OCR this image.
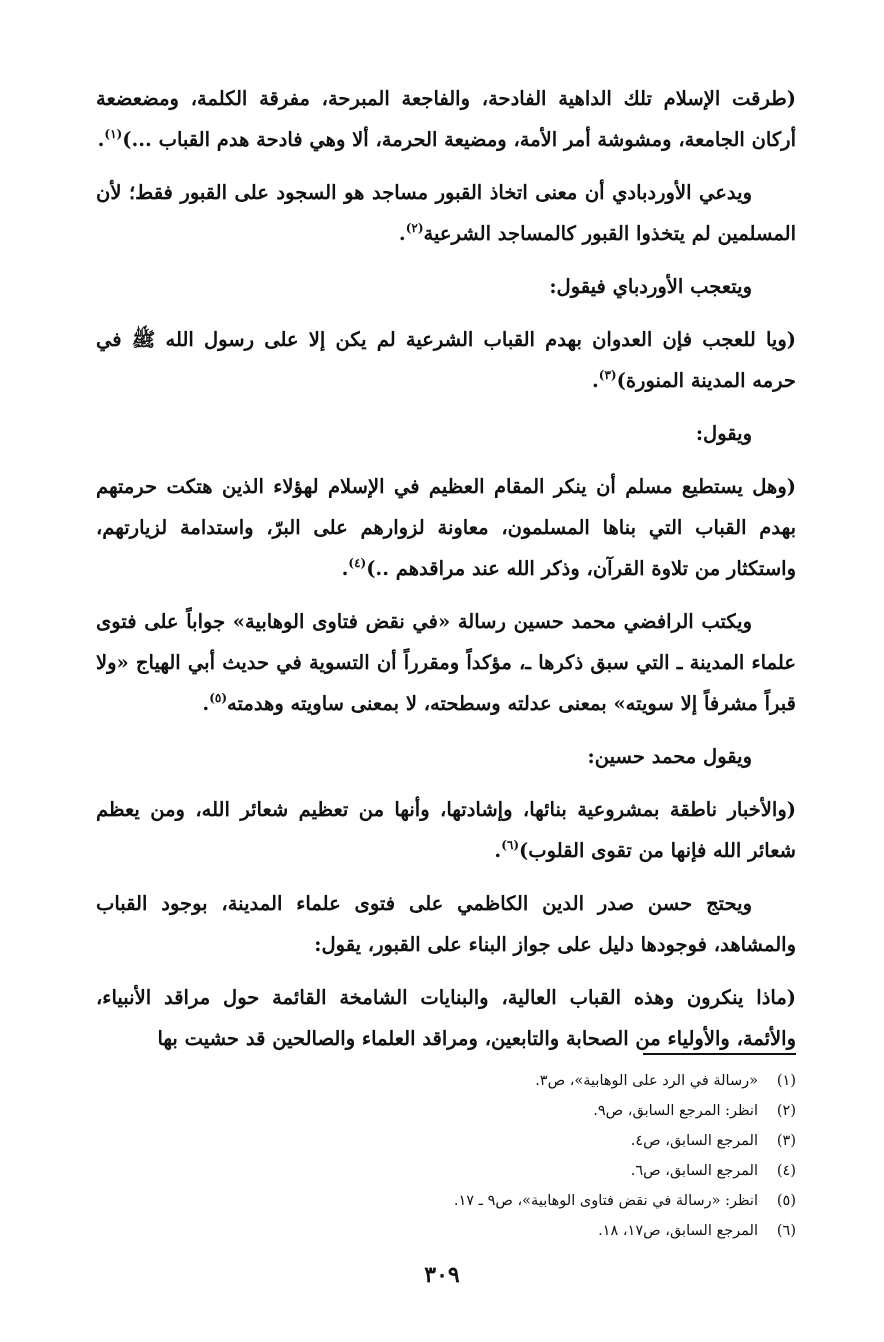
(طرقت الإسلام تلك الداهية الفادحة، والفاجعة المبرحة، مفرقة الكلمة، ومضعضعة أركان الجامعة، ومشوشة أمر الأمة، ومضيعة الحرمة، ألا وهي فادحة هدم القباب ...)$^{(١)}$.

ويدعي الأوردبادي أن معنى اتخاذ القبور مساجد هو السجود على القبور فقط؛ لأن المسلمين لم يتخذوا القبور كالمساجد الشرعية$^{(٢)}$.

ويتعجب الأوردباي فيقول:

(ويا للعجب فإن العدوان بهدم القباب الشرعية لم يكن إلا على رسول الله ﷺ في حرمه المدينة المنورة)$^{(٣)}$.

ويقول:

(وهل يستطيع مسلم أن ينكر المقام العظيم في الإسلام لهؤلاء الذين هتكت حرمتهم بهدم القباب التي بناها المسلمون، معاونة لزوارهم على البرّ، واستدامة لزيارتهم، واستكثار من تلاوة القرآن، وذكر الله عند مراقدهم ..)$^{(٤)}$.

ويكتب الرافضي محمد حسين رسالة «في نقض فتاوى الوهابية» جواباً على فتوى علماء المدينة ـ التي سبق ذكرها ـ، مؤكداً ومقرراً أن التسوية في حديث أبي الهياج «ولا قبراً مشرفاً إلا سويته» بمعنى عدلته وسطحته، لا بمعنى ساويته وهدمته$^{(٥)}$.

ويقول محمد حسين:

(والأخبار ناطقة بمشروعية بنائها، وإشادتها، وأنها من تعظيم شعائر الله، ومن يعظم شعائر الله فإنها من تقوى القلوب)$^{(٦)}$.

ويحتج حسن صدر الدين الكاظمي على فتوى علماء المدينة، بوجود القباب والمشاهد، فوجودها دليل على جواز البناء على القبور، يقول:

(ماذا ينكرون وهذه القباب العالية، والبنايات الشامخة القائمة حول مراقد الأنبياء، والأئمة، والأولياء من الصحابة والتابعين، ومراقد العلماء والصالحين قد حشيت بها

(١)
«رسالة في الرد على الوهابية»، ص٣.
(٢)
انظر: المرجع السابق، ص٩.
(٣)
المرجع السابق، ص٤.
(٤)
المرجع السابق، ص٦.
(٥)
انظر: «رسالة في نقض فتاوى الوهابية»، ص٩ ـ ١٧.
(٦)
المرجع السابق، ص١٧، ١٨.
٣٠٩
